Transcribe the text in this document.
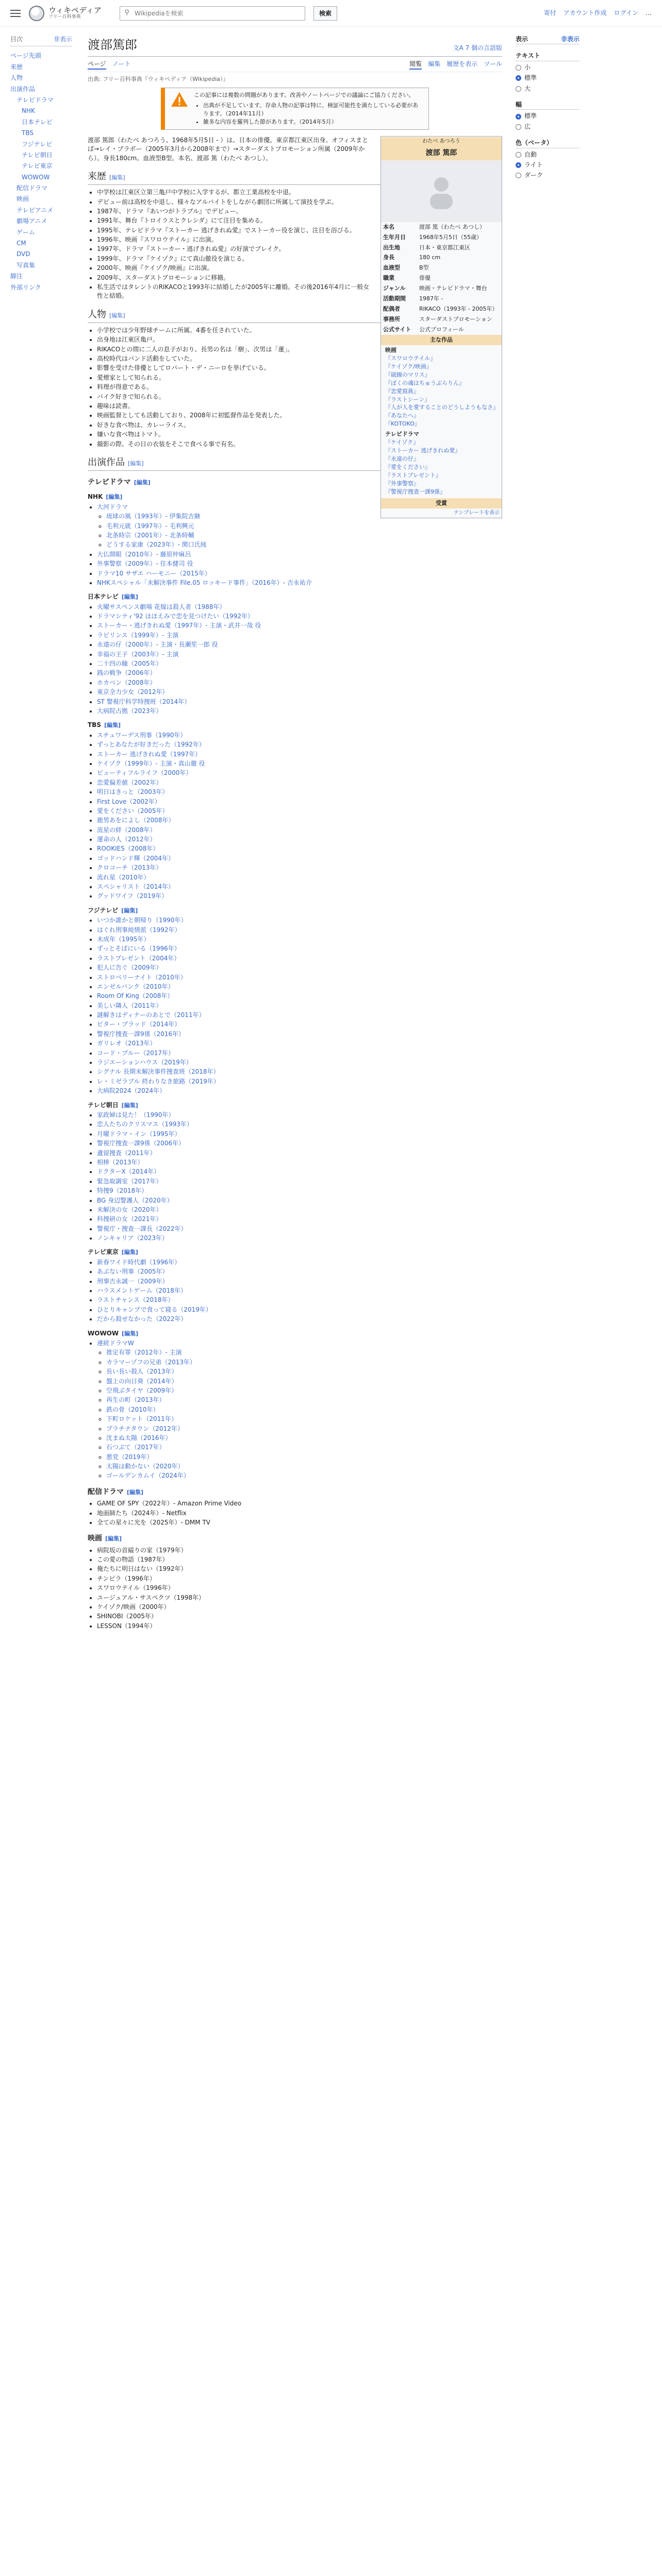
ウィキペディア
フリー百科事典
⚲
Wikipediaを検索	検索	寄付 アカウント作成 ログイン …
目次	非表示
ページ先頭
来歴
人物
出演作品
テレビドラマ
NHK
日本テレビ
TBS
フジテレビ
テレビ朝日
テレビ東京
WOWOW
配信ドラマ
映画
テレビアニメ
劇場アニメ
ゲーム
CM
DVD
写真集
脚注
外部リンク
渡部篤郎	文A 7 個の言語版
ページ ノート	閲覧 編集 履歴を表示 ツール
出典: フリー百科事典『ウィキペディア（Wikipedia）』
この記事には複数の問題があります。改善やノートページでの議論にご協力ください。
• 出典が不足しています。存命人物の記事は特に、検証可能性を満たしている必要があります。（2014年11月）
• 雑多な内容を羅列した節があります。（2014年5月）
わたべ あつろう
渡部 篤郎
本名	渡部 篤（わたべ あつし）
生年月日	1968年5月5日（55歳）
出生地	日本・東京都江東区
身長	180 cm
血液型	B型
職業	俳優
ジャンル	映画・テレビドラマ・舞台
活動期間	1987年 -
配偶者	RIKACO（1993年 - 2005年）
事務所	スターダストプロモーション
公式サイト	公式プロフィール
主な作品
映画
『スワロウテイル』
『ケイゾク/映画』
『破線のマリス』
『ぼくの魂はちゅうぶらりん』
『恋愛寫眞』
『ラストシーン』
『人が人を愛することのどうしようもなさ』
『あなたへ』
『KOTOKO』
テレビドラマ
『ケイゾク』
『ストーカー 逃げきれぬ愛』
『永遠の仔』
『愛をください』
『ラストプレゼント』
『外事警察』
『警視庁捜査一課9係』
受賞
テンプレートを表示

渡部 篤郎（わたべ あつろう、1968年5月5日 - ）は、日本の俳優。東京都江東区出身。オフィスまとば→レイ・ブラボー（2005年3月から2008年まで）→スターダストプロモーション所属（2009年から）。身長180cm。血液型B型。本名、渡部 篤（わたべ あつし）。

来歴 [編集]
• 中学校は江東区立第三亀戸中学校に入学するが、都立工業高校を中退。
• デビュー前は高校を中退し、様々なアルバイトをしながら劇団に所属して演技を学ぶ。
• 1987年、ドラマ『あいつがトラブル』でデビュー。
• 1991年、舞台『トロイラスとクレシダ』にて注目を集める。
• 1995年、テレビドラマ『ストーカー 逃げきれぬ愛』でストーカー役を演じ、注目を浴びる。
• 1996年、映画『スワロウテイル』に出演。
• 1997年、ドラマ『ストーカー・逃げきれぬ愛』の好演でブレイク。
• 1999年、ドラマ『ケイゾク』にて真山徹役を演じる。
• 2000年、映画『ケイゾク/映画』に出演。
• 2009年、スターダストプロモーションに移籍。
• 私生活ではタレントのRIKACOと1993年に結婚したが2005年に離婚。その後2016年4月に一般女性と結婚。
人物 [編集]
• 小学校では少年野球チームに所属。4番を任されていた。
• 出身地は江東区亀戸。
• RIKACOとの間に二人の息子がおり、長男の名は「樹」、次男は「蓮」。
• 高校時代はバンド活動をしていた。
• 影響を受けた俳優としてロバート・デ・ニーロを挙げている。
• 愛煙家として知られる。
• 料理が得意である。
• バイク好きで知られる。
• 趣味は読書。
• 映画監督としても活動しており、2008年に初監督作品を発表した。
• 好きな食べ物は、カレーライス。
• 嫌いな食べ物はトマト。
• 撮影の際、その日の衣装をそこで食べる事で有名。
出演作品 [編集]
テレビドラマ [編集]
NHK [編集]
• 大河ドラマ
◦ 琉球の風（1993年）- 伊集院吉継
◦ 毛利元就（1997年）- 毛利興元
◦ 北条時宗（2001年）- 北条時輔
◦ どうする家康（2023年）- 関口氏純
• 大仏開眼（2010年）- 藤原仲麻呂
• 外事警察（2009年）- 住本健司 役
• ドラマ10 サザエ ハーモニー（2015年）
• NHKスペシャル「未解決事件 File.05 ロッキード事件」（2016年）- 吉永祐介
日本テレビ [編集]
• 火曜サスペンス劇場 花嫁は殺人者（1988年）
• ドラマシティ'92 ほほえみで恋を見つけたい（1992年）
• ストーカー・逃げきれぬ愛（1997年）- 主演・武井一哉 役
• ラビリンス（1999年）- 主演
• 永遠の仔（2000年）- 主演・長瀬笙一郎 役
• 幸福の王子（2003年）- 主演
• 二十四の瞳（2005年）
• 銭の戦争（2006年）
• ホカベン（2008年）
• 東京全力少女（2012年）
• ST 警視庁科学特捜班（2014年）
• 大病院占拠（2023年）
TBS [編集]
• スチュワーデス刑事（1990年）
• ずっとあなたが好きだった（1992年）
• ストーカー 逃げきれぬ愛（1997年）
• ケイゾク（1999年）- 主演・真山徹 役
• ビューティフルライフ（2000年）
• 恋愛偏差値（2002年）
• 明日はきっと（2003年）
• First Love（2002年）
• 愛をください（2005年）
• 鹿男あをによし（2008年）
• 流星の絆（2008年）
• 運命の人（2012年）
• ROOKIES（2008年）
• ゴッドハンド輝（2004年）
• クロコーチ（2013年）
• 流れ星（2010年）
• スペシャリスト（2014年）
• グッドワイフ（2019年）
フジテレビ [編集]
• いつか誰かと朝帰り（1990年）
• はぐれ刑事純情派（1992年）
• 未成年（1995年）
• ずっとそばにいる（1996年）
• ラストプレゼント（2004年）
• 犯人に告ぐ（2009年）
• ストロベリーナイト（2010年）
• エンゼルバンク（2010年）
• Room Of King（2008年）
• 美しい隣人（2011年）
• 謎解きはディナーのあとで（2011年）
• ビター・ブラッド（2014年）
• 警視庁捜査一課9係（2016年）
• ガリレオ（2013年）
• コード・ブルー（2017年）
• ラジエーションハウス（2019年）
• シグナル 長期未解決事件捜査班（2018年）
• レ・ミゼラブル 終わりなき旅路（2019年）
• 大病院2024（2024年）
テレビ朝日 [編集]
• 家政婦は見た！（1990年）
• 恋人たちのクリスマス（1993年）
• 月曜ドラマ・イン（1995年）
• 警視庁捜査一課9係（2006年）
• 遺留捜査（2011年）
• 相棒（2013年）
• ドクターX（2014年）
• 緊急取調室（2017年）
• 特捜9（2018年）
• BG 身辺警護人（2020年）
• 未解決の女（2020年）
• 科捜研の女（2021年）
• 警視庁・捜査一課長（2022年）
• ノンキャリア（2023年）
テレビ東京 [編集]
• 新春ワイド時代劇（1996年）
• あぶない刑事（2005年）
• 刑事吉永誠一（2009年）
• ハラスメントゲーム（2018年）
• ラストチャンス（2018年）
• ひとりキャンプで食って寝る（2019年）
• だから殺せなかった（2022年）
WOWOW [編集]
• 連続ドラマW
◦ 推定有罪（2012年）- 主演
◦ カラマーゾフの兄弟（2013年）
◦ 長い長い殺人（2013年）
◦ 盤上の向日葵（2014年）
◦ 空飛ぶタイヤ（2009年）
◦ 再生の町（2013年）
◦ 鉄の骨（2010年）
◦ 下町ロケット（2011年）
◦ プラチナタウン（2012年）
◦ 沈まぬ太陽（2016年）
◦ 石つぶて（2017年）
◦ 悪党（2019年）
◦ 太陽は動かない（2020年）
◦ ゴールデンカムイ（2024年）
配信ドラマ [編集]
• GAME OF SPY（2022年）- Amazon Prime Video
• 地面師たち（2024年）- Netflix
• 全ての星々に光を（2025年）- DMM TV
映画 [編集]
• 病院坂の首縊りの家（1979年）
• この愛の物語（1987年）
• 俺たちに明日はない（1992年）
• チンピラ（1996年）
• スワロウテイル（1996年）
• ユージュアル・サスペクツ（1998年）
• ケイゾク/映画（2000年）
• SHINOBI（2005年）
• LESSON（1994年）
表示	非表示
テキスト
小
標準
大
幅
標準
広
色（ベータ）
自動
ライト
ダーク
